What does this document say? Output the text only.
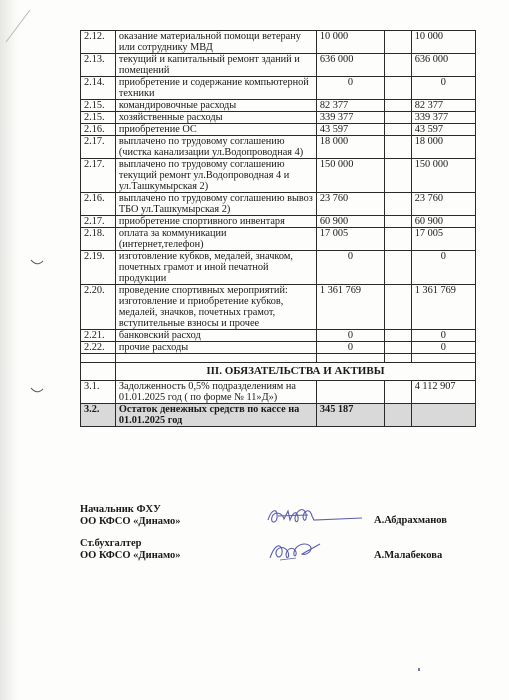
2.12.	оказание материальной помощи ветерану или сотруднику МВД	10 000		10 000
2.13.	текущий и капитальный ремонт зданий и помещений	636 000		636 000
2.14.	приобретение и содержание компьютерной техники	0		0
2.15.	командировочные расходы	82 377		82 377
2.15.	хозяйственные расходы	339 377		339 377
2.16.	приобретение ОС	43 597		43 597
2.17.	выплачено по трудовому соглашению (чистка канализации ул.Водопроводная 4)	18 000		18 000
2.17.	выплачено по трудовому соглашению текущий ремонт ул.Водопроводная 4 и ул.Ташкумырская 2)	150 000		150 000
2.16.	выплачено по трудовому соглашению вывоз ТБО ул.Ташкумырская 2)	23 760		23 760
2.17.	приобретение спортивного инвентаря	60 900		60 900
2.18.	оплата за коммуникации (интернет,телефон)	17 005		17 005
2.19.	изготовление кубков, медалей, значком, почетных грамот и иной печатной продукции	0		0
2.20.	проведение спортивных мероприятий: изготовление и приобретение кубков, медалей, значков, почетных грамот, вступительные взносы и прочее	1 361 769		1 361 769
2.21.	банковский расход	0		0
2.22.	прочие расходы	0		0

	III. ОБЯЗАТЕЛЬСТВА И АКТИВЫ			
3.1.	Задолженность 0,5% подразделениям на 01.01.2025 год ( по форме № 11»Д»)			4 112 907
3.2.	Остаток денежных средств по кассе на 01.01.2025 год	345 187		
Начальник ФХУ
ОО КФСО «Динамо»	А.Абдрахманов
Ст.бухгалтер
ОО КФСО «Динамо»	А.Малабекова
